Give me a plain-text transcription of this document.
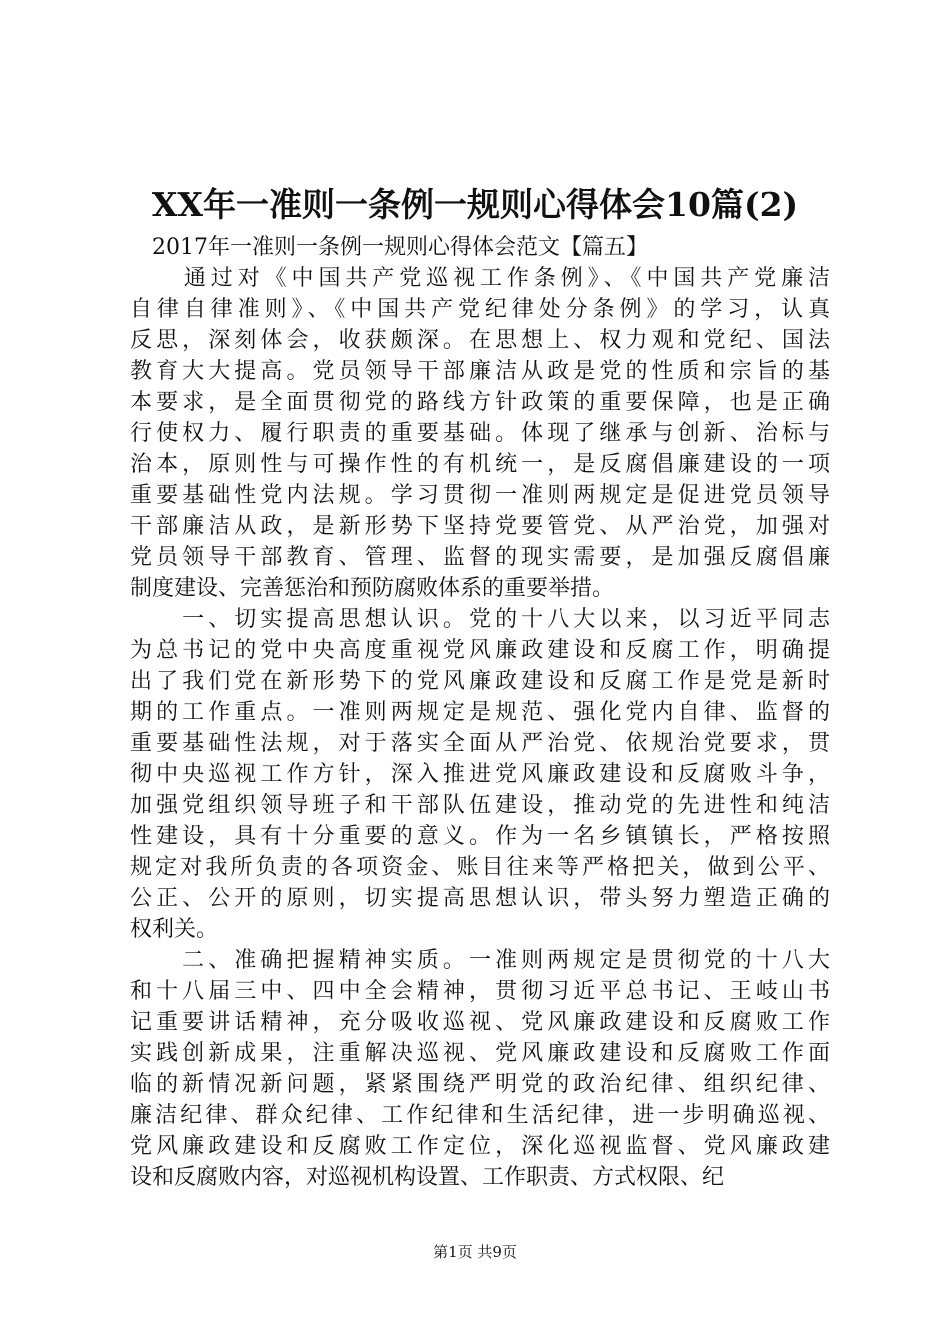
XX年一准则一条例一规则心得体会10篇(2)
　2017年一准则一条例一规则心得体会范文【篇五】
　　通过对《中国共产党巡视工作条例》、《中国共产党廉洁
自律自律准则》、《中国共产党纪律处分条例》的学习，认真
反思，深刻体会，收获颇深。在思想上、权力观和党纪、国法
教育大大提高。党员领导干部廉洁从政是党的性质和宗旨的基
本要求，是全面贯彻党的路线方针政策的重要保障，也是正确
行使权力、履行职责的重要基础。体现了继承与创新、治标与
治本，原则性与可操作性的有机统一，是反腐倡廉建设的一项
重要基础性党内法规。学习贯彻一准则两规定是促进党员领导
干部廉洁从政，是新形势下坚持党要管党、从严治党，加强对
党员领导干部教育、管理、监督的现实需要，是加强反腐倡廉
制度建设、完善惩治和预防腐败体系的重要举措。
　　一、切实提高思想认识。党的十八大以来，以习近平同志
为总书记的党中央高度重视党风廉政建设和反腐工作，明确提
出了我们党在新形势下的党风廉政建设和反腐工作是党是新时
期的工作重点。一准则两规定是规范、强化党内自律、监督的
重要基础性法规，对于落实全面从严治党、依规治党要求，贯
彻中央巡视工作方针，深入推进党风廉政建设和反腐败斗争，
加强党组织领导班子和干部队伍建设，推动党的先进性和纯洁
性建设，具有十分重要的意义。作为一名乡镇镇长，严格按照
规定对我所负责的各项资金、账目往来等严格把关，做到公平、
公正、公开的原则，切实提高思想认识，带头努力塑造正确的
权利关。
　　二、准确把握精神实质。一准则两规定是贯彻党的十八大
和十八届三中、四中全会精神，贯彻习近平总书记、王岐山书
记重要讲话精神，充分吸收巡视、党风廉政建设和反腐败工作
实践创新成果，注重解决巡视、党风廉政建设和反腐败工作面
临的新情况新问题，紧紧围绕严明党的政治纪律、组织纪律、
廉洁纪律、群众纪律、工作纪律和生活纪律，进一步明确巡视、
党风廉政建设和反腐败工作定位，深化巡视监督、党风廉政建
设和反腐败内容，对巡视机构设置、工作职责、方式权限、纪
第1页 共9页
